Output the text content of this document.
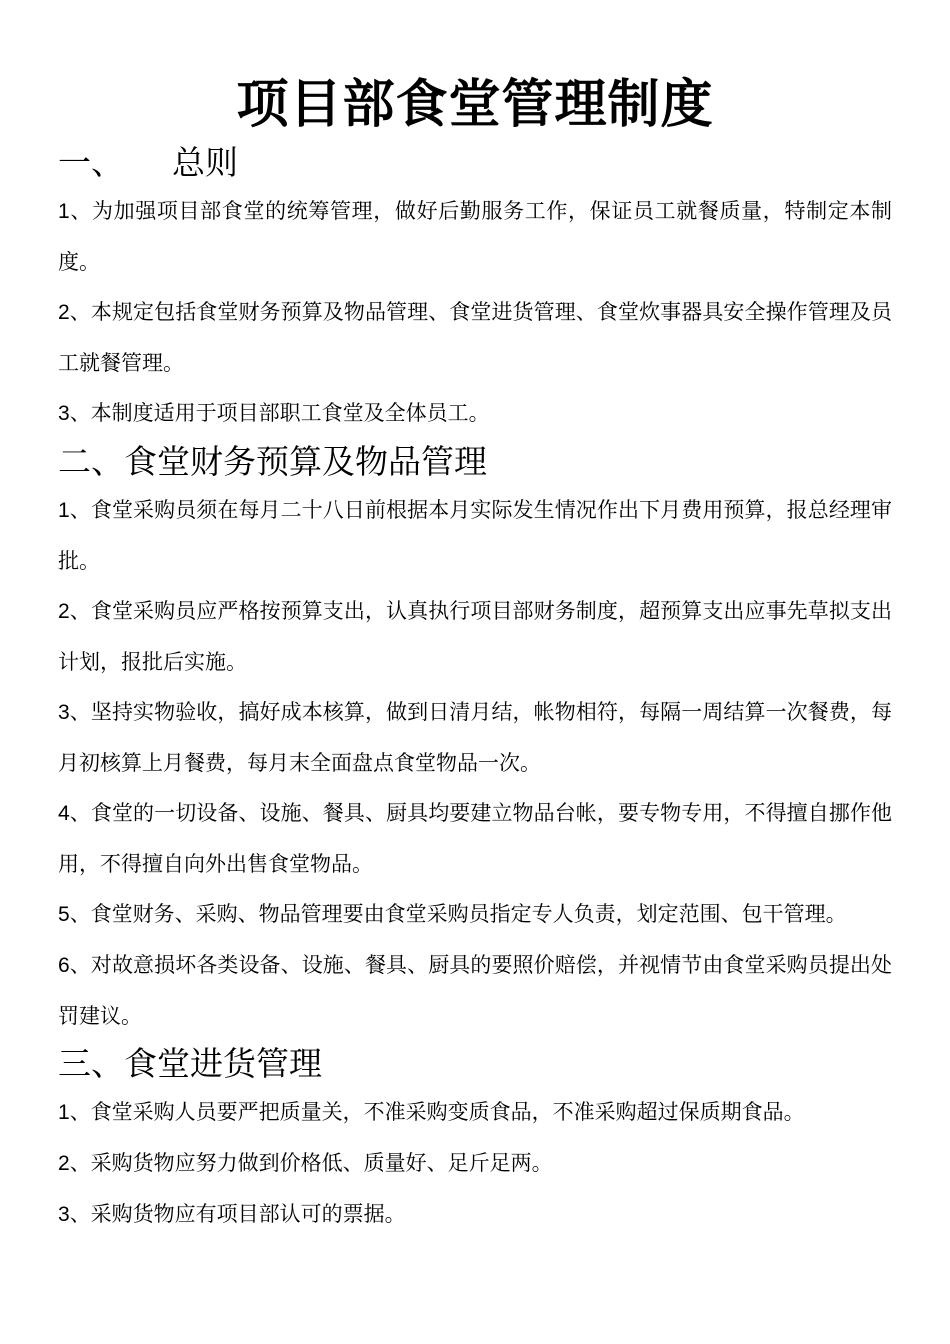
项目部食堂管理制度
一、 总则

1、为加强项目部食堂的统筹管理，做好后勤服务工作，保证员工就餐质量，特制定本制度。

2、本规定包括食堂财务预算及物品管理、食堂进货管理、食堂炊事器具安全操作管理及员工就餐管理。

3、本制度适用于项目部职工食堂及全体员工。

二、食堂财务预算及物品管理

1、食堂采购员须在每月二十八日前根据本月实际发生情况作出下月费用预算，报总经理审批。

2、食堂采购员应严格按预算支出，认真执行项目部财务制度，超预算支出应事先草拟支出计划，报批后实施。

3、坚持实物验收，搞好成本核算，做到日清月结，帐物相符，每隔一周结算一次餐费，每月初核算上月餐费，每月末全面盘点食堂物品一次。

4、食堂的一切设备、设施、餐具、厨具均要建立物品台帐，要专物专用，不得擅自挪作他用，不得擅自向外出售食堂物品。

5、食堂财务、采购、物品管理要由食堂采购员指定专人负责，划定范围、包干管理。

6、对故意损坏各类设备、设施、餐具、厨具的要照价赔偿，并视情节由食堂采购员提出处罚建议。

三、食堂进货管理

1、食堂采购人员要严把质量关，不准采购变质食品，不准采购超过保质期食品。

2、采购货物应努力做到价格低、质量好、足斤足两。

3、采购货物应有项目部认可的票据。
